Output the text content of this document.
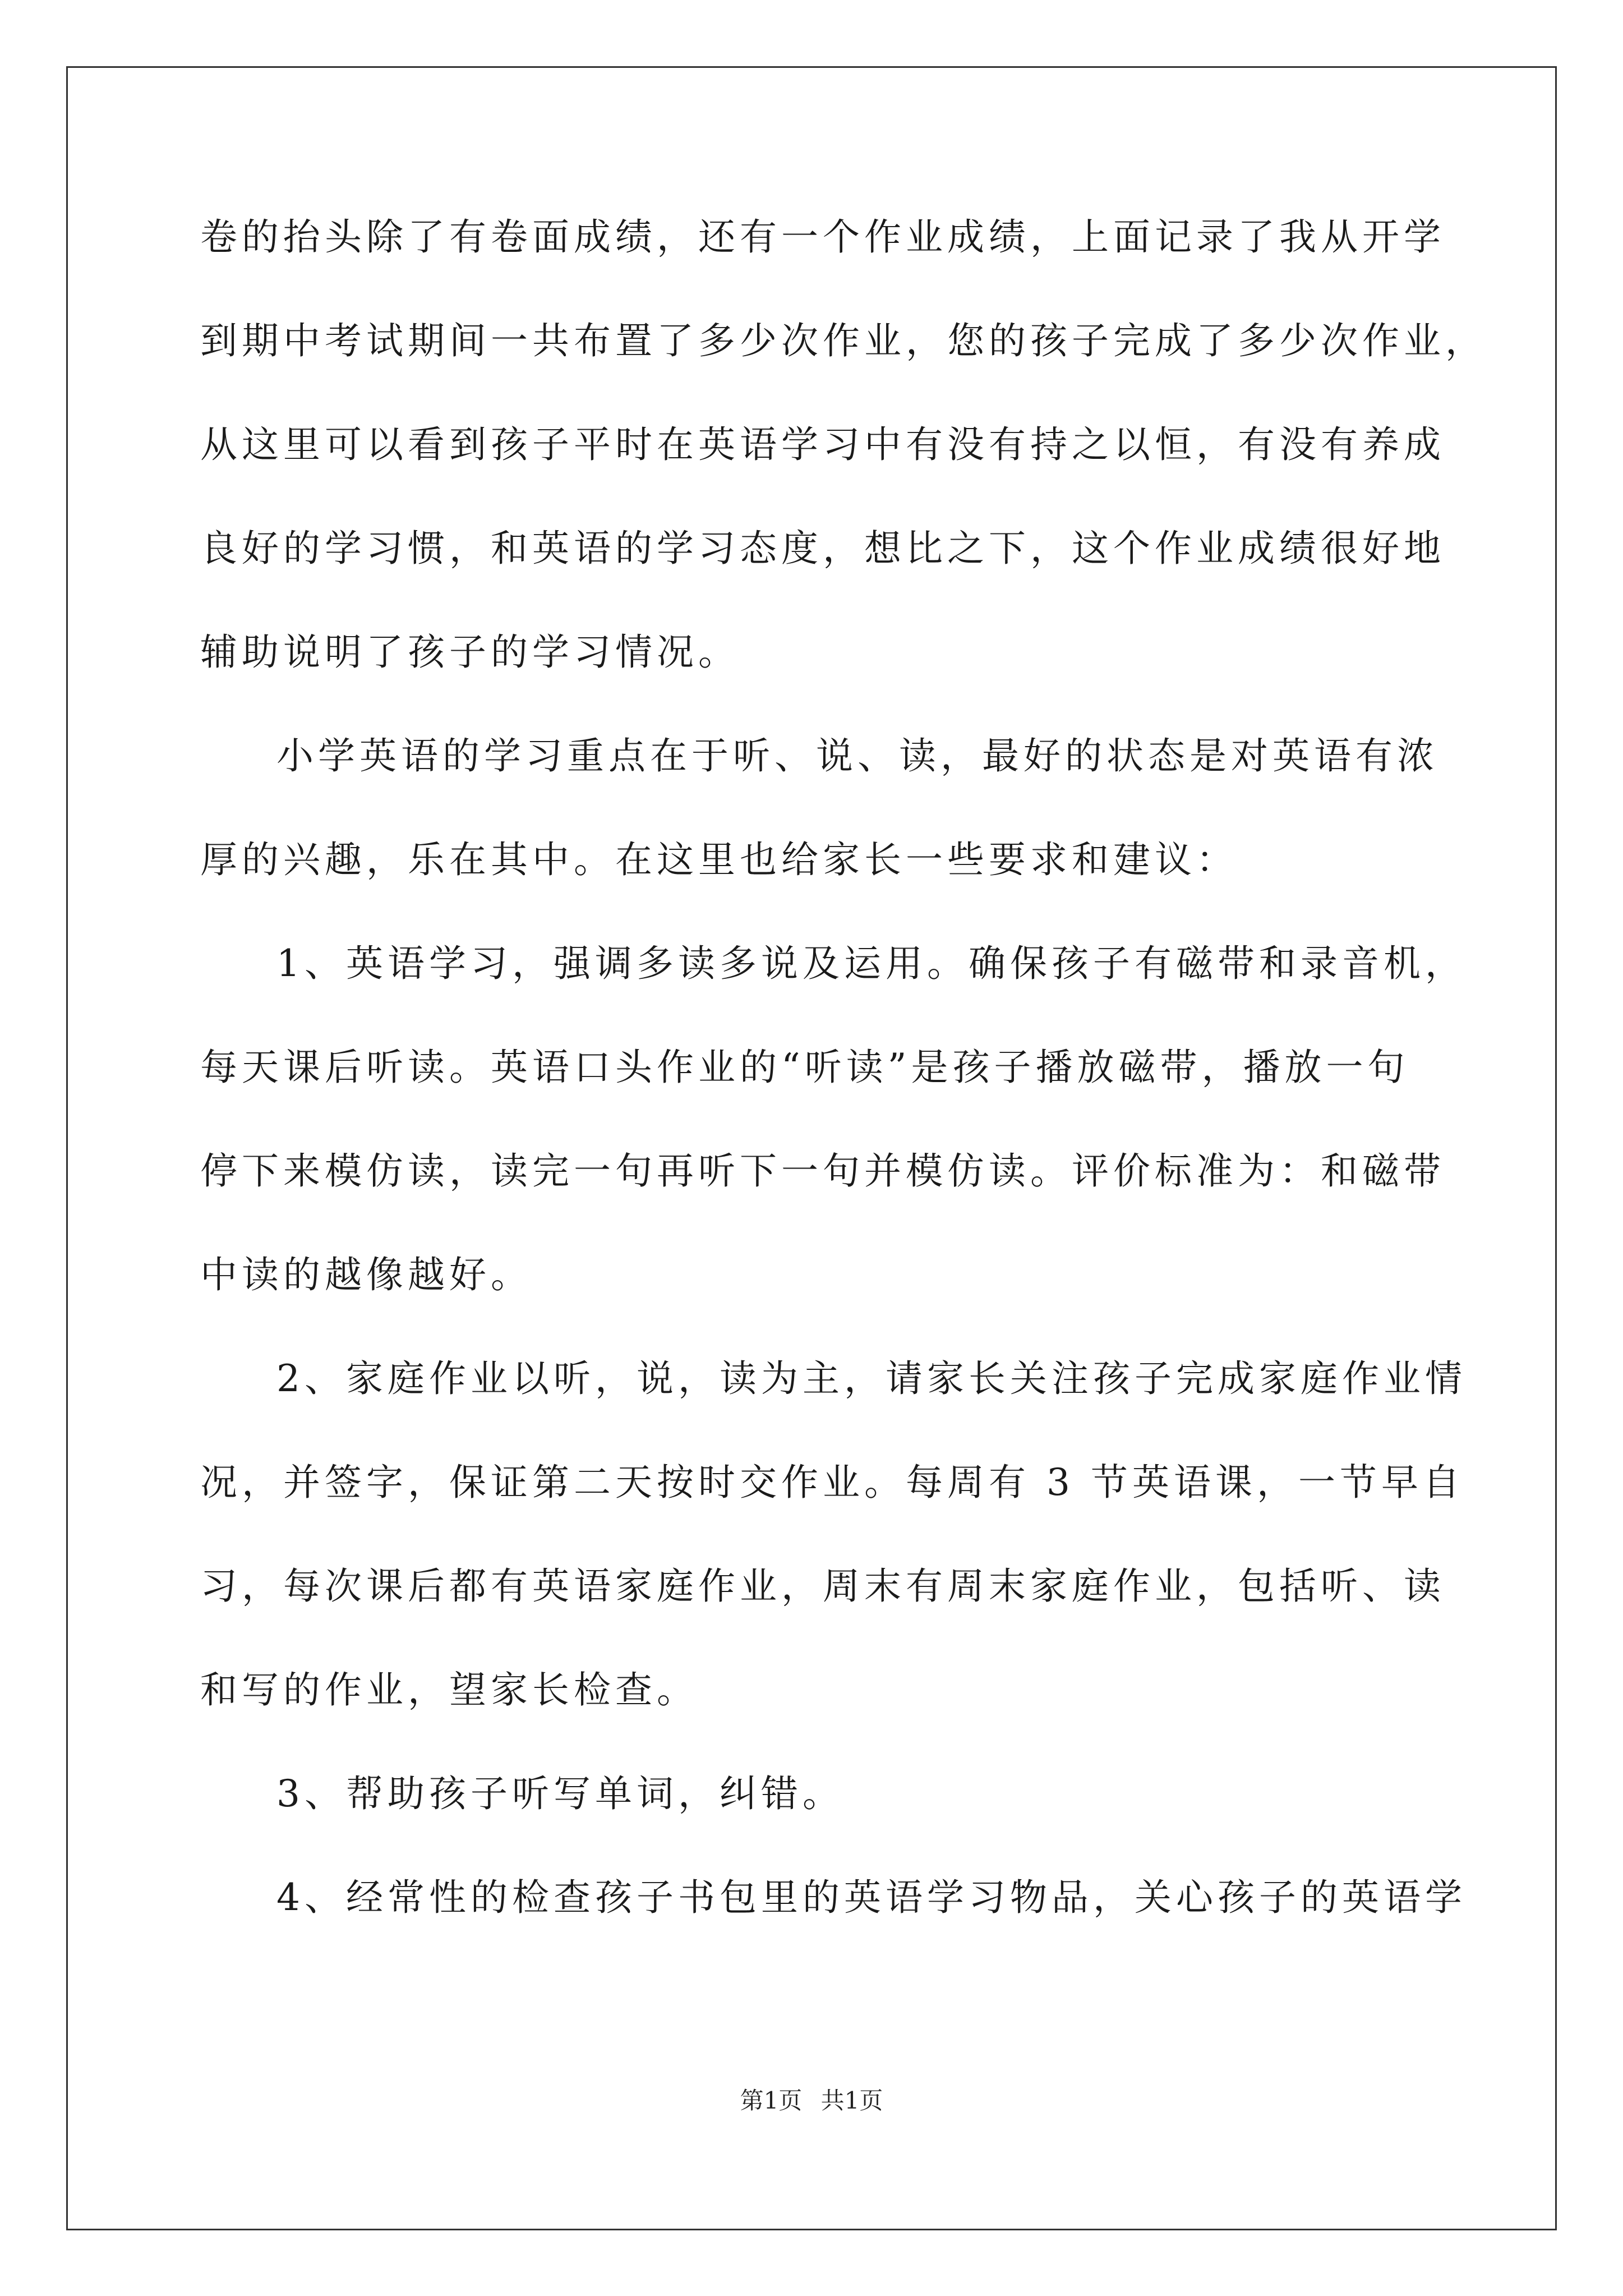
卷的抬头除了有卷面成绩，还有一个作业成绩，上面记录了我从开学
到期中考试期间一共布置了多少次作业，您的孩子完成了多少次作业，
从这里可以看到孩子平时在英语学习中有没有持之以恒，有没有养成
良好的学习惯，和英语的学习态度，想比之下，这个作业成绩很好地
辅助说明了孩子的学习情况。
小学英语的学习重点在于听、说、读，最好的状态是对英语有浓
厚的兴趣，乐在其中。在这里也给家长一些要求和建议：
1、英语学习，强调多读多说及运用。确保孩子有磁带和录音机，
每天课后听读。英语口头作业的“听读”是孩子播放磁带，播放一句
停下来模仿读，读完一句再听下一句并模仿读。评价标准为：和磁带
中读的越像越好。
2、家庭作业以听，说，读为主，请家长关注孩子完成家庭作业情
况，并签字，保证第二天按时交作业。每周有 3 节英语课，一节早自
习，每次课后都有英语家庭作业，周末有周末家庭作业，包括听、读
和写的作业，望家长检查。
3、帮助孩子听写单词，纠错。
4、经常性的检查孩子书包里的英语学习物品，关心孩子的英语学
第1页 共1页
